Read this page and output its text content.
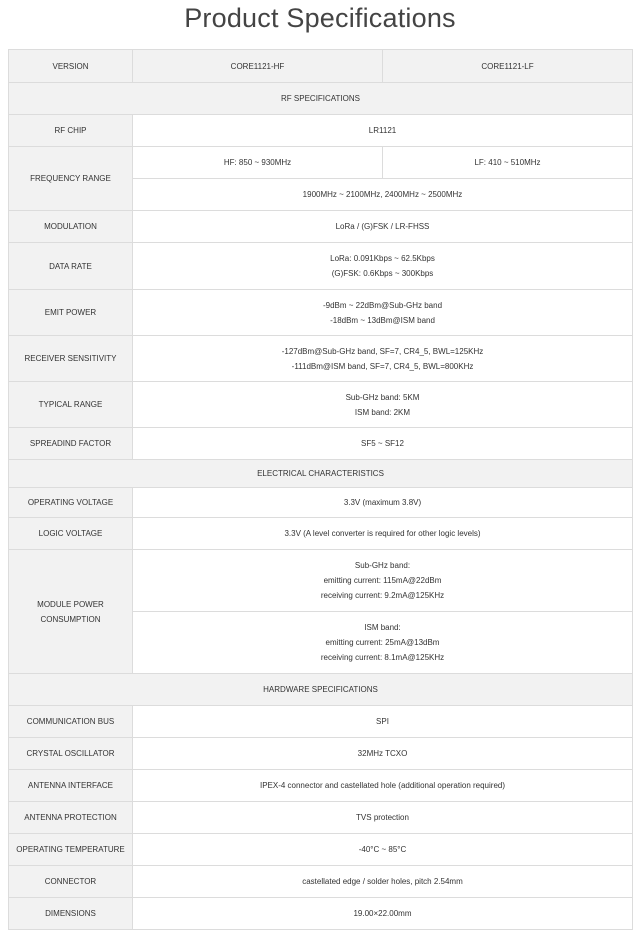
Product Specifications
VERSION	CORE1121-HF	CORE1121-LF
RF SPECIFICATIONS		
RF CHIP	LR1121	
FREQUENCY RANGE	HF: 850 ~ 930MHz	LF: 410 ~ 510MHz
	1900MHz ~ 2100MHz, 2400MHz ~ 2500MHz	
MODULATION	LoRa / (G)FSK / LR-FHSS	
DATA RATE	LoRa: 0.091Kbps ~ 62.5Kbps
(G)FSK: 0.6Kbps ~ 300Kbps	

EMIT POWER	-9dBm ~ 22dBm@Sub-GHz band
-18dBm ~ 13dBm@ISM band	

RECEIVER SENSITIVITY	-127dBm@Sub-GHz band, SF=7, CR4_5, BWL=125KHz
-111dBm@ISM band, SF=7, CR4_5, BWL=800KHz	

TYPICAL RANGE	Sub-GHz band: 5KM
ISM band: 2KM	

SPREADIND FACTOR	SF5 ~ SF12	
ELECTRICAL CHARACTERISTICS		
OPERATING VOLTAGE	3.3V (maximum 3.8V)	
LOGIC VOLTAGE	3.3V (A level converter is required for other logic levels)	

MODULE POWER
CONSUMPTION	Sub-GHz band:
emitting current: 115mA@22dBm
receiving current: 9.2mA@125KHz	

	ISM band:
emitting current: 25mA@13dBm
receiving current: 8.1mA@125KHz	

HARDWARE SPECIFICATIONS		
COMMUNICATION BUS	SPI	
CRYSTAL OSCILLATOR	32MHz TCXO	
ANTENNA INTERFACE	IPEX-4 connector and castellated hole (additional operation required)	
ANTENNA PROTECTION	TVS protection	
OPERATING TEMPERATURE	-40°C ~ 85°C	
CONNECTOR	castellated edge / solder holes, pitch 2.54mm	
DIMENSIONS	19.00×22.00mm	
